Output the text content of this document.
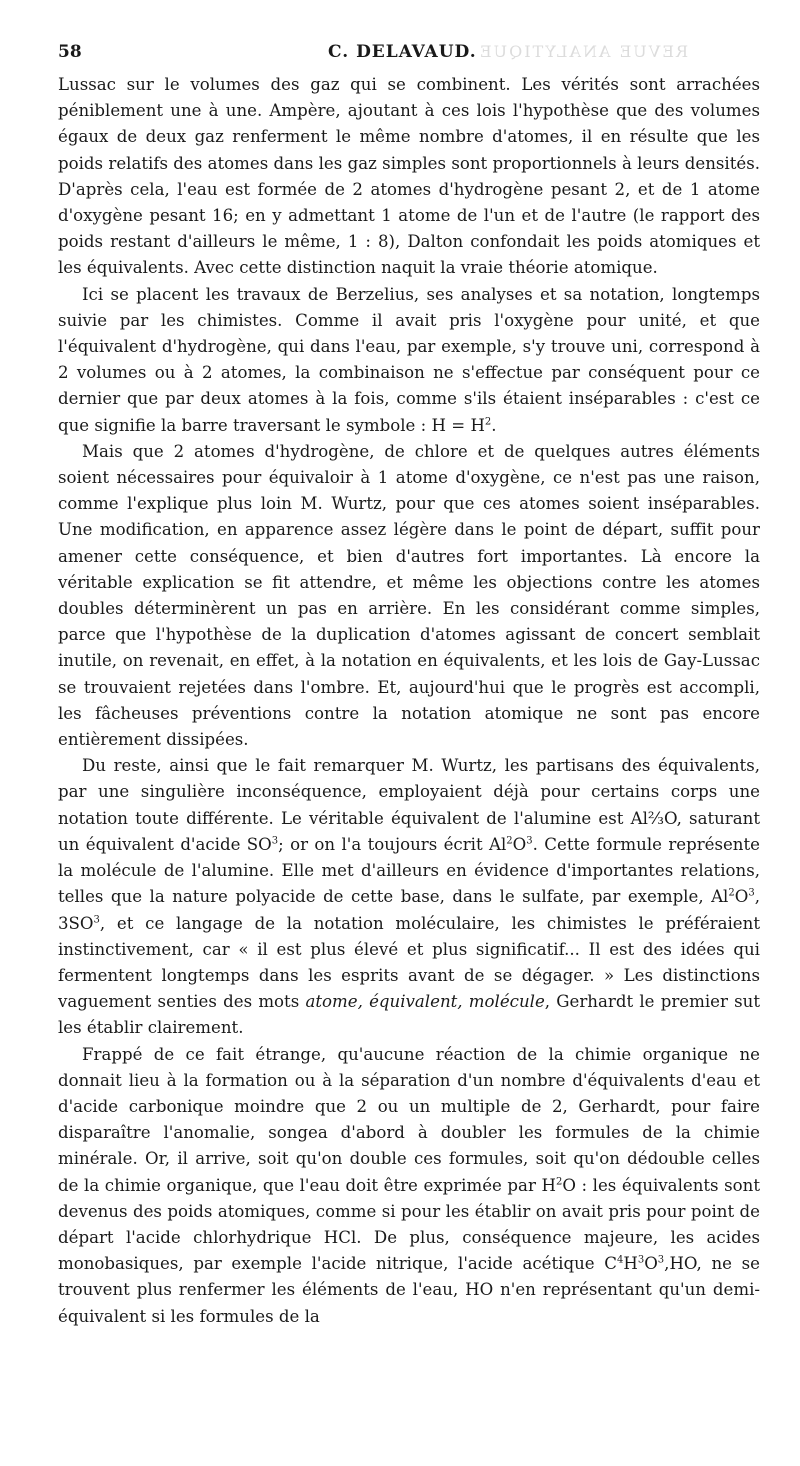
58	C. DELAVAUD. REVUE ANALYTIQUE

Lussac sur le volumes des gaz qui se combinent. Les vérités sont arrachées péniblement une à une. Ampère, ajoutant à ces lois l'hypothèse que des volumes égaux de deux gaz renferment le même nombre d'atomes, il en résulte que les poids relatifs des atomes dans les gaz simples sont proportionnels à leurs densités. D'après cela, l'eau est formée de 2 atomes d'hydrogène pesant 2, et de 1 atome d'oxygène pesant 16; en y admettant 1 atome de l'un et de l'autre (le rapport des poids restant d'ailleurs le même, 1 : 8), Dalton confondait les poids atomiques et les équivalents. Avec cette distinction naquit la vraie théorie atomique.

Ici se placent les travaux de Berzelius, ses analyses et sa notation, longtemps suivie par les chimistes. Comme il avait pris l'oxygène pour unité, et que l'équivalent d'hydrogène, qui dans l'eau, par exemple, s'y trouve uni, correspond à 2 volumes ou à 2 atomes, la combinaison ne s'effectue par conséquent pour ce dernier que par deux atomes à la fois, comme s'ils étaient inséparables : c'est ce que signifie la barre traversant le symbole : $H = H^2$.

Mais que 2 atomes d'hydrogène, de chlore et de quelques autres éléments soient nécessaires pour équivaloir à 1 atome d'oxygène, ce n'est pas une raison, comme l'explique plus loin M. Wurtz, pour que ces atomes soient inséparables. Une modification, en apparence assez légère dans le point de départ, suffit pour amener cette conséquence, et bien d'autres fort importantes. Là encore la véritable explication se fit attendre, et même les objections contre les atomes doubles déterminèrent un pas en arrière. En les considérant comme simples, parce que l'hypothèse de la duplication d'atomes agissant de concert semblait inutile, on revenait, en effet, à la notation en équivalents, et les lois de Gay-Lussac se trouvaient rejetées dans l'ombre. Et, aujourd'hui que le progrès est accompli, les fâcheuses préventions contre la notation atomique ne sont pas encore entièrement dissipées.

Du reste, ainsi que le fait remarquer M. Wurtz, les partisans des équivalents, par une singulière inconséquence, employaient déjà pour certains corps une notation toute différente. Le véritable équivalent de l'alumine est Al⅔O, saturant un équivalent d'acide $SO^3$; or on l'a toujours écrit $Al^2O^3$. Cette formule représente la molécule de l'alumine. Elle met d'ailleurs en évidence d'importantes relations, telles que la nature polyacide de cette base, dans le sulfate, par exemple, $Al^2O^3$, $3SO^3$, et ce langage de la notation moléculaire, les chimistes le préféraient instinctivement, car « il est plus élevé et plus significatif... Il est des idées qui fermentent longtemps dans les esprits avant de se dégager. » Les distinctions vaguement senties des mots atome, équivalent, molécule, Gerhardt le premier sut les établir clairement.

Frappé de ce fait étrange, qu'aucune réaction de la chimie organique ne donnait lieu à la formation ou à la séparation d'un nombre d'équivalents d'eau et d'acide carbonique moindre que 2 ou un multiple de 2, Gerhardt, pour faire disparaître l'anomalie, songea d'abord à doubler les formules de la chimie minérale. Or, il arrive, soit qu'on double ces formules, soit qu'on dédouble celles de la chimie organique, que l'eau doit être exprimée par $H^2O$ : les équivalents sont devenus des poids atomiques, comme si pour les établir on avait pris pour point de départ l'acide chlorhydrique HCl. De plus, conséquence majeure, les acides monobasiques, par exemple l'acide nitrique, l'acide acétique $C^4H^3O^3,HO$, ne se trouvent plus renfermer les éléments de l'eau, HO n'en représentant qu'un demi-équivalent si les formules de la
